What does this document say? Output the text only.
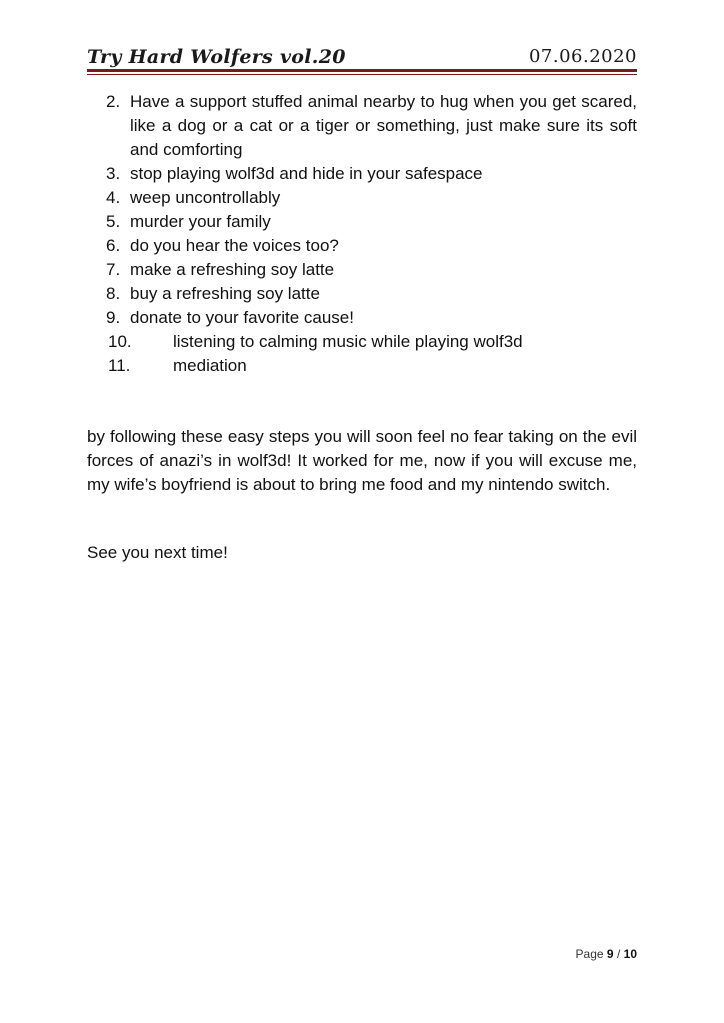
Try Hard Wolfers vol.20	07.06.2020
2. Have a support stuffed animal nearby to hug when you get scared, like a dog or a cat or a tiger or something, just make sure its soft and comforting
3. stop playing wolf3d and hide in your safespace
4. weep uncontrollably
5. murder your family
6. do you hear the voices too?
7. make a refreshing soy latte
8. buy a refreshing soy latte
9. donate to your favorite cause!
10. listening to calming music while playing wolf3d
11.	mediation

by following these easy steps you will soon feel no fear taking on the evil forces of anazi’s in wolf3d! It worked for me, now if you will excuse me, my wife’s boyfriend is about to bring me food and my nintendo switch.

See you next time!

Page 9 / 10
